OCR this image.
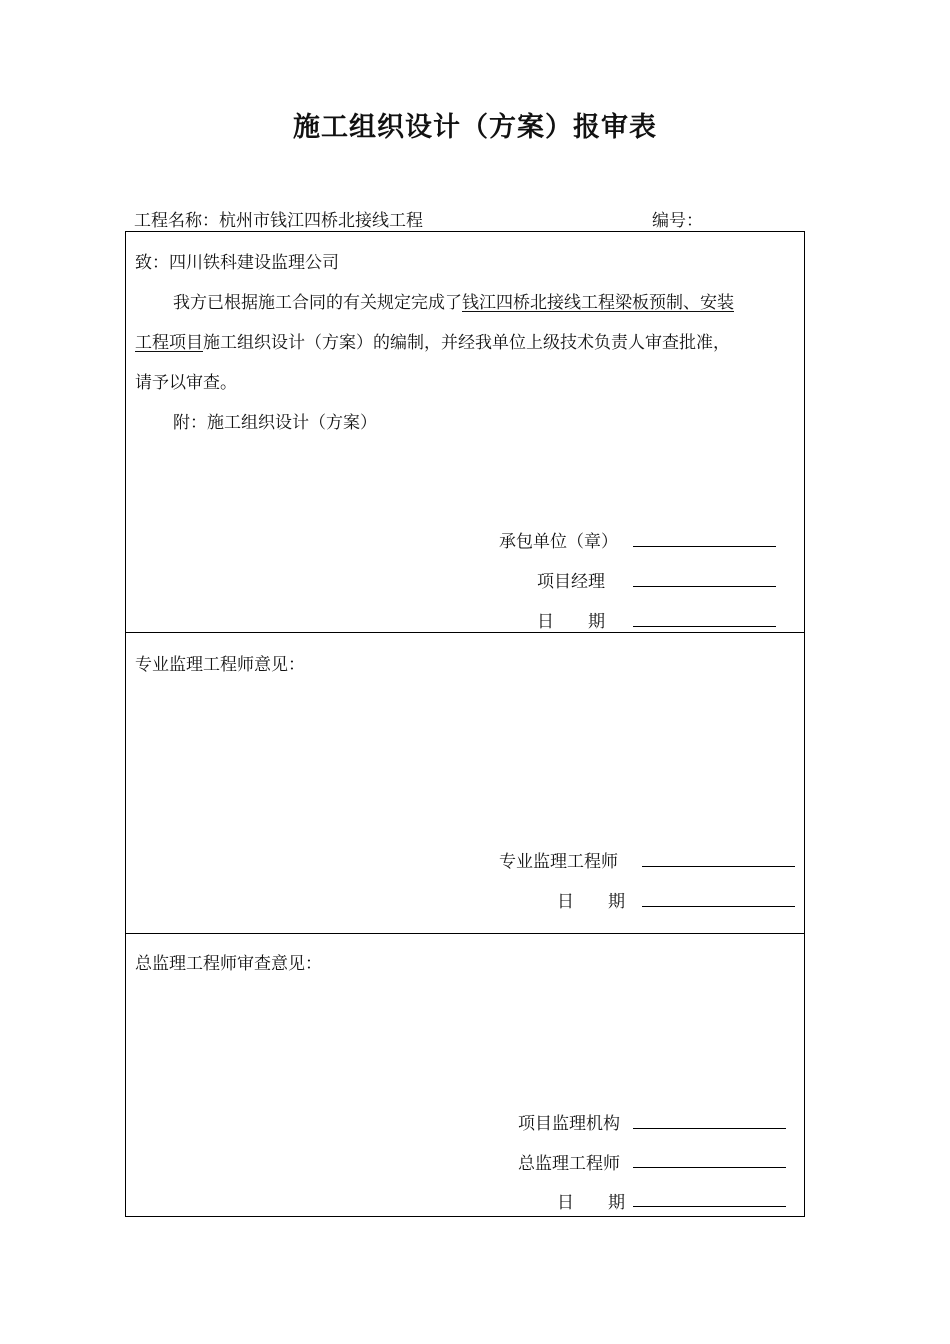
施工组织设计（方案）报审表
工程名称：杭州市钱江四桥北接线工程	编号：
致：四川铁科建设监理公司
我方已根据施工合同的有关规定完成了钱江四桥北接线工程梁板预制、安装
工程项目施工组织设计（方案）的编制，并经我单位上级技术负责人审查批准，
请予以审查。
附：施工组织设计（方案）
承包单位（章）
项目经理
日　　期
专业监理工程师意见：
专业监理工程师
日　　期
总监理工程师审查意见：
项目监理机构
总监理工程师
日　　期
